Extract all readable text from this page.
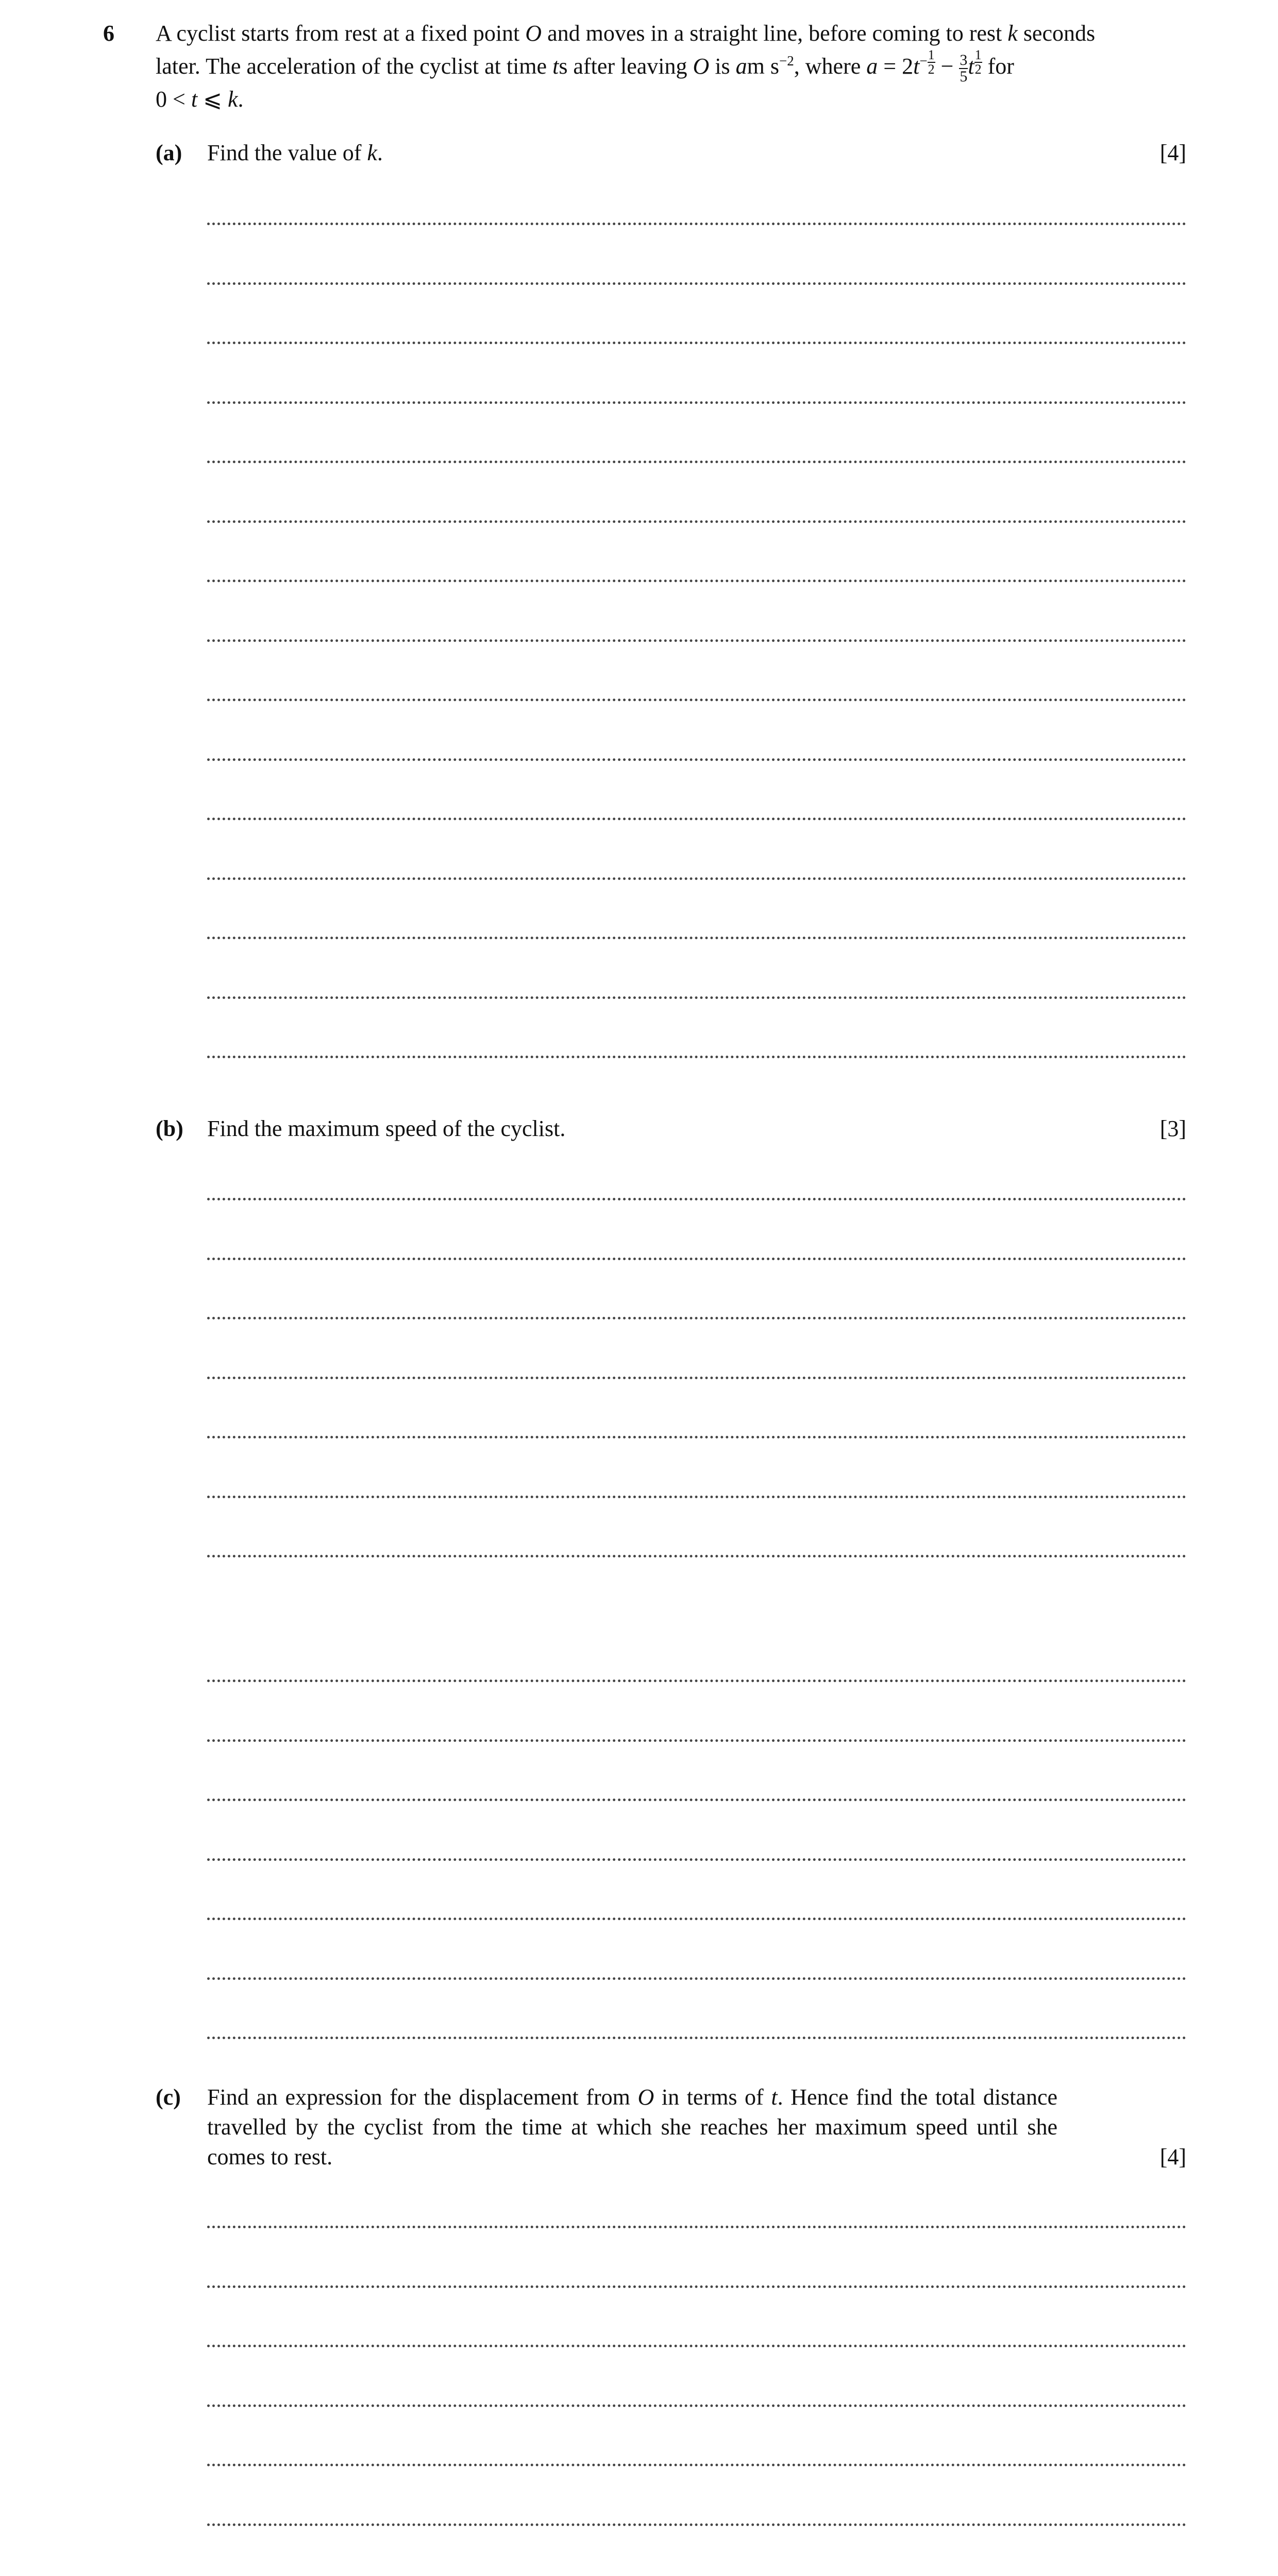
6 A cyclist starts from rest at a fixed point O and moves in a straight line, before coming to rest k seconds

later. The acceleration of the cyclist at time ts after leaving O is am $s^{-2}$, where $a = 2t^{- \frac{1}{2}} - \frac{3}{5}$ t $^{\frac{1}{2}}$ for

0 < t ⩽ k.

(a) Find the value of k.	[4]
(b) Find the maximum speed of the cyclist.	[3]
(c) Find an expression for the displacement from O in terms of t. Hence find the total distance travelled by the cyclist from the time at which she reaches her maximum speed until she comes to rest.	[4]
